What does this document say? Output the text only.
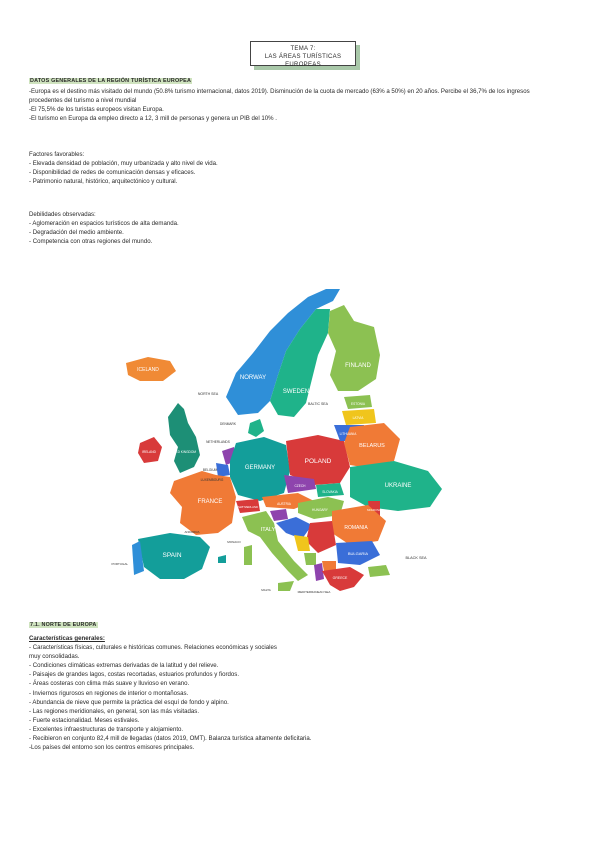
TEMA 7:
LAS ÁREAS TURÍSTICAS EUROPEAS
DATOS GENERALES DE LA REGIÓN TURÍSTICA EUROPEA

-Europa es el destino más visitado del mundo (50.8% turismo internacional, datos 2019). Disminución de la cuota de mercado (63% a 50%) en 20 años. Percibe el 36,7% de los ingresos

procedentes del turismo a nivel mundial

-El 75,5% de los turistas europeos visitan Europa.

-El turismo en Europa da empleo directo a 12, 3 mill de personas y genera un PIB del 10% .

Factores favorables:

- Elevada densidad de población, muy urbanizada y alto nivel de vida.

- Disponibilidad de redes de comunicación densas y eficaces.

- Patrimonio natural, histórico, arquitectónico y cultural.

Debilidades observadas:

- Aglomeración en espacios turísticos de alta demanda.

- Degradación del medio ambiente.

- Competencia con otras regiones del mundo.

ICELAND
NORWAY
SWEDEN
FINLAND
NORTH SEA
BALTIC SEA
UNITED KINGDOM
IRELAND
DENMARK
NETHERLANDS
BELGIUM
LUXEMBOURG
GERMANY
POLAND
ESTONIA
LATVIA
LITHUANIA
BELARUS
UKRAINE
CZECH
SLOVAKIA
AUSTRIA
HUNGARY	MOLDOVA
ROMANIA
FRANCE
SWITZERLAND
ITALY
SPAIN
PORTUGAL
ANDORRA
MONACO
BULGARIA
GREECE
BLACK SEA
MALTA	MEDITERRANEAN SEA
7.1. NORTE DE EUROPA

Características generales:

- Características físicas, culturales e históricas comunes. Relaciones económicas y sociales

muy consolidadas.

- Condiciones climáticas extremas derivadas de la latitud y del relieve.

- Paisajes de grandes lagos, costas recortadas, estuarios profundos y fiordos.

- Áreas costeras con clima más suave y lluvioso en verano.

- Inviernos rigurosos en regiones de interior o montañosas.

- Abundancia de nieve que permite la práctica del esquí de fondo y alpino.

- Las regiones meridionales, en general, son las más visitadas.

- Fuerte estacionalidad. Meses estivales.

- Excelentes infraestructuras de transporte y alojamiento.

- Recibieron en conjunto 82,4 mill de llegadas (datos 2019, OMT). Balanza turística altamente deficitaria.

-Los países del entorno son los centros emisores principales.
